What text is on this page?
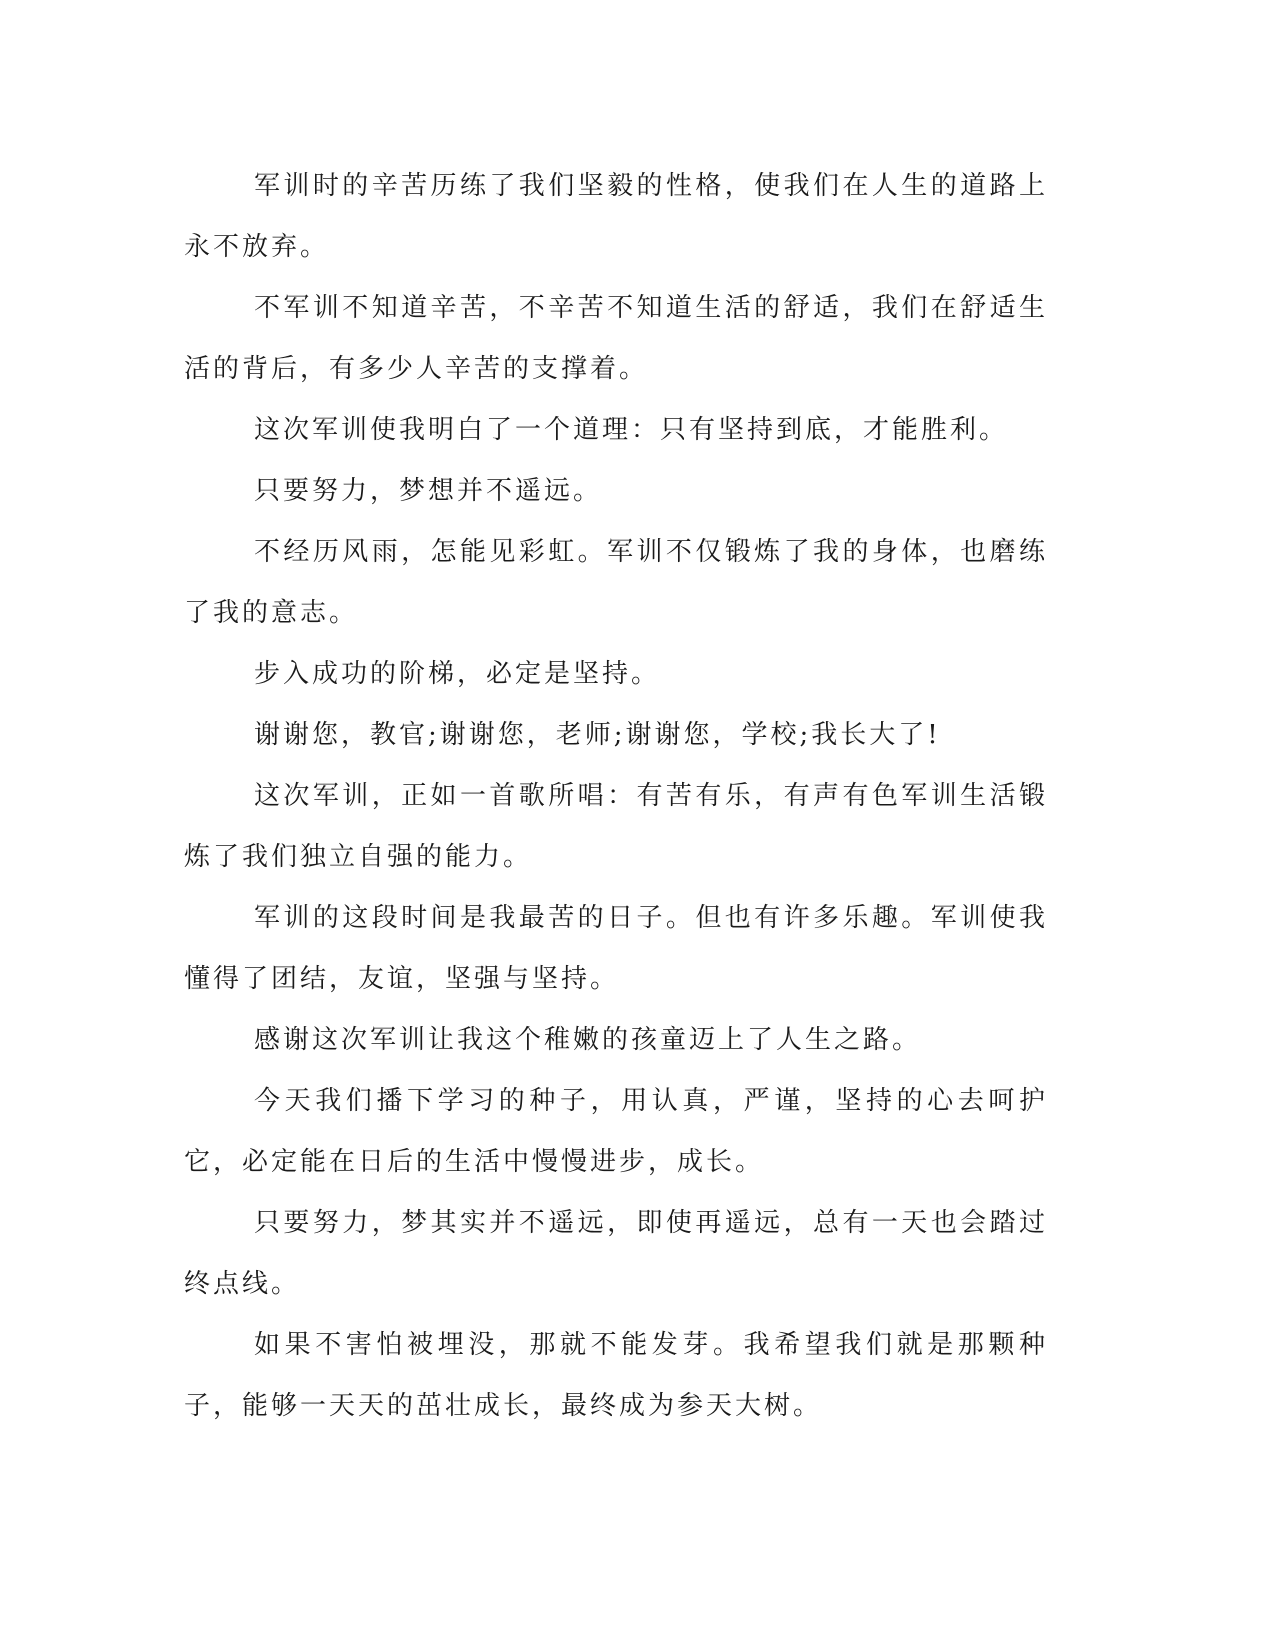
军训时的辛苦历练了我们坚毅的性格，使我们在人生的道路上永不放弃。

不军训不知道辛苦，不辛苦不知道生活的舒适，我们在舒适生活的背后，有多少人辛苦的支撑着。

这次军训使我明白了一个道理：只有坚持到底，才能胜利。

只要努力，梦想并不遥远。

不经历风雨，怎能见彩虹。军训不仅锻炼了我的身体，也磨练了我的意志。

步入成功的阶梯，必定是坚持。

谢谢您，教官;谢谢您，老师;谢谢您，学校;我长大了!

这次军训，正如一首歌所唱：有苦有乐，有声有色军训生活锻炼了我们独立自强的能力。

军训的这段时间是我最苦的日子。但也有许多乐趣。军训使我懂得了团结，友谊，坚强与坚持。

感谢这次军训让我这个稚嫩的孩童迈上了人生之路。

今天我们播下学习的种子，用认真，严谨，坚持的心去呵护它，必定能在日后的生活中慢慢进步，成长。

只要努力，梦其实并不遥远，即使再遥远，总有一天也会踏过终点线。

如果不害怕被埋没，那就不能发芽。我希望我们就是那颗种子，能够一天天的茁壮成长，最终成为参天大树。
